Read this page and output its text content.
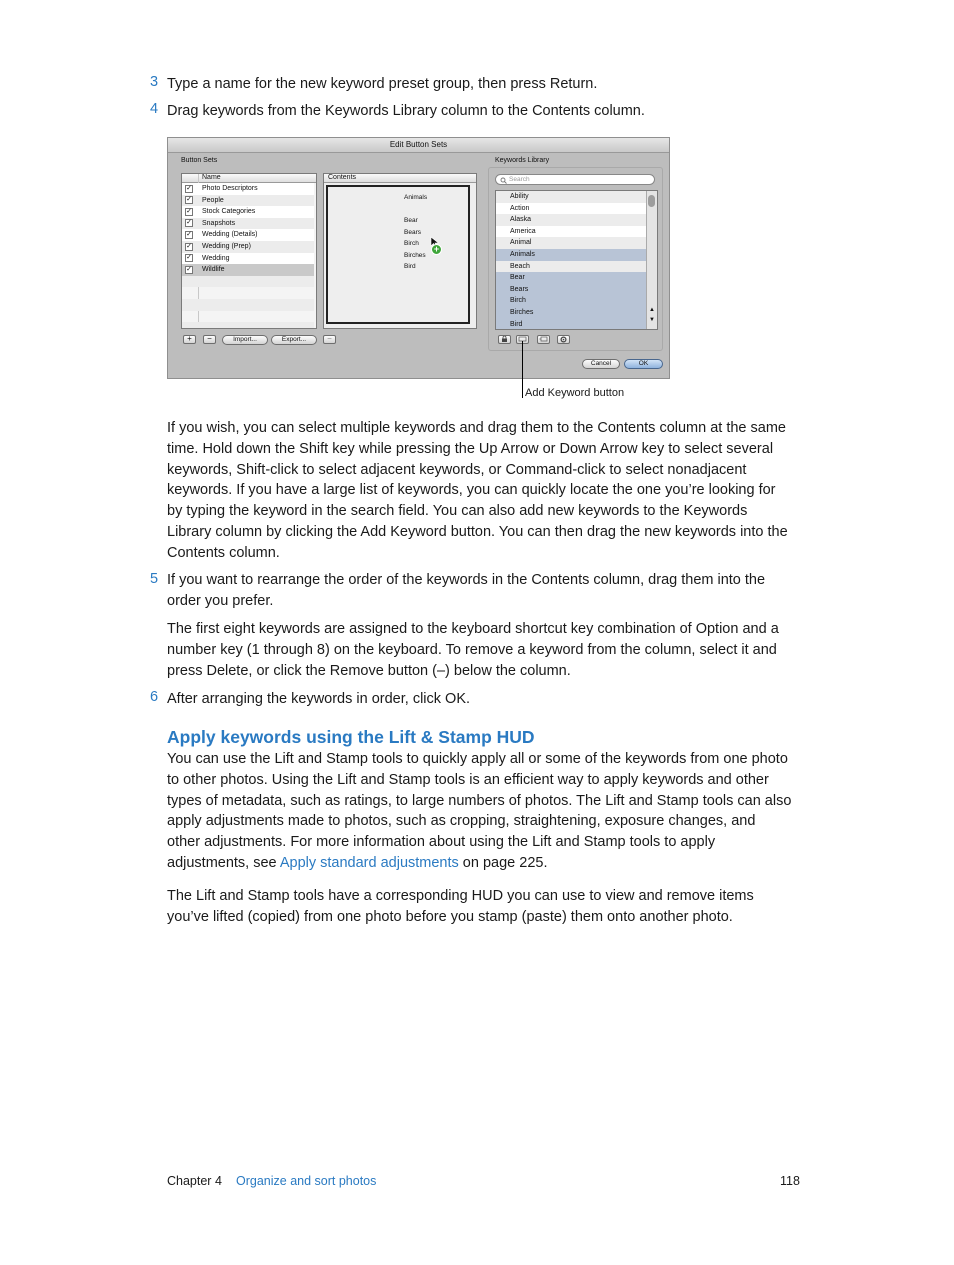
3 Type a name for the new keyword preset group, then press Return.
4 Drag keywords from the Keywords Library column to the Contents column.
Edit Button Sets
Button Sets
Name
✓ Photo Descriptors
✓ People
✓ Stock Categories
✓ Snapshots
✓ Wedding (Details)
✓ Wedding (Prep)
✓ Wedding
✓ Wildlife
Contents
Animals
Bear
Bears
Birch
Birches
Bird
+
Keywords Library
Ability
Action
Alaska
America
Animal
Animals
Beach
Bear
Bears
Birch
Birches
Bird
▲
▼
+	−	Import...	Export...	−
Search
Cancel	OK
Add Keyword button

If you wish, you can select multiple keywords and drag them to the Contents column at the same time. Hold down the Shift key while pressing the Up Arrow or Down Arrow key to select several keywords, Shift-click to select adjacent keywords, or Command-click to select nonadjacent keywords. If you have a large list of keywords, you can quickly locate the one you’re looking for by typing the keyword in the search field. You can also add new keywords to the Keywords Library column by clicking the Add Keyword button. You can then drag the new keywords into the Contents column.

5 If you want to rearrange the order of the keywords in the Contents column, drag them into the order you prefer.

The first eight keywords are assigned to the keyboard shortcut key combination of Option and a number key (1 through 8) on the keyboard. To remove a keyword from the column, select it and press Delete, or click the Remove button (–) below the column.

6 After arranging the keywords in order, click OK.
Apply keywords using the Lift & Stamp HUD

You can use the Lift and Stamp tools to quickly apply all or some of the keywords from one photo to other photos. Using the Lift and Stamp tools is an efficient way to apply keywords and other types of metadata, such as ratings, to large numbers of photos. The Lift and Stamp tools can also apply adjustments made to photos, such as cropping, straightening, exposure changes, and other adjustments. For more information about using the Lift and Stamp tools to apply adjustments, see Apply standard adjustments on page 225.

The Lift and Stamp tools have a corresponding HUD you can use to view and remove items you’ve lifted (copied) from one photo before you stamp (paste) them onto another photo.

Chapter 4 Organize and sort photos	118
